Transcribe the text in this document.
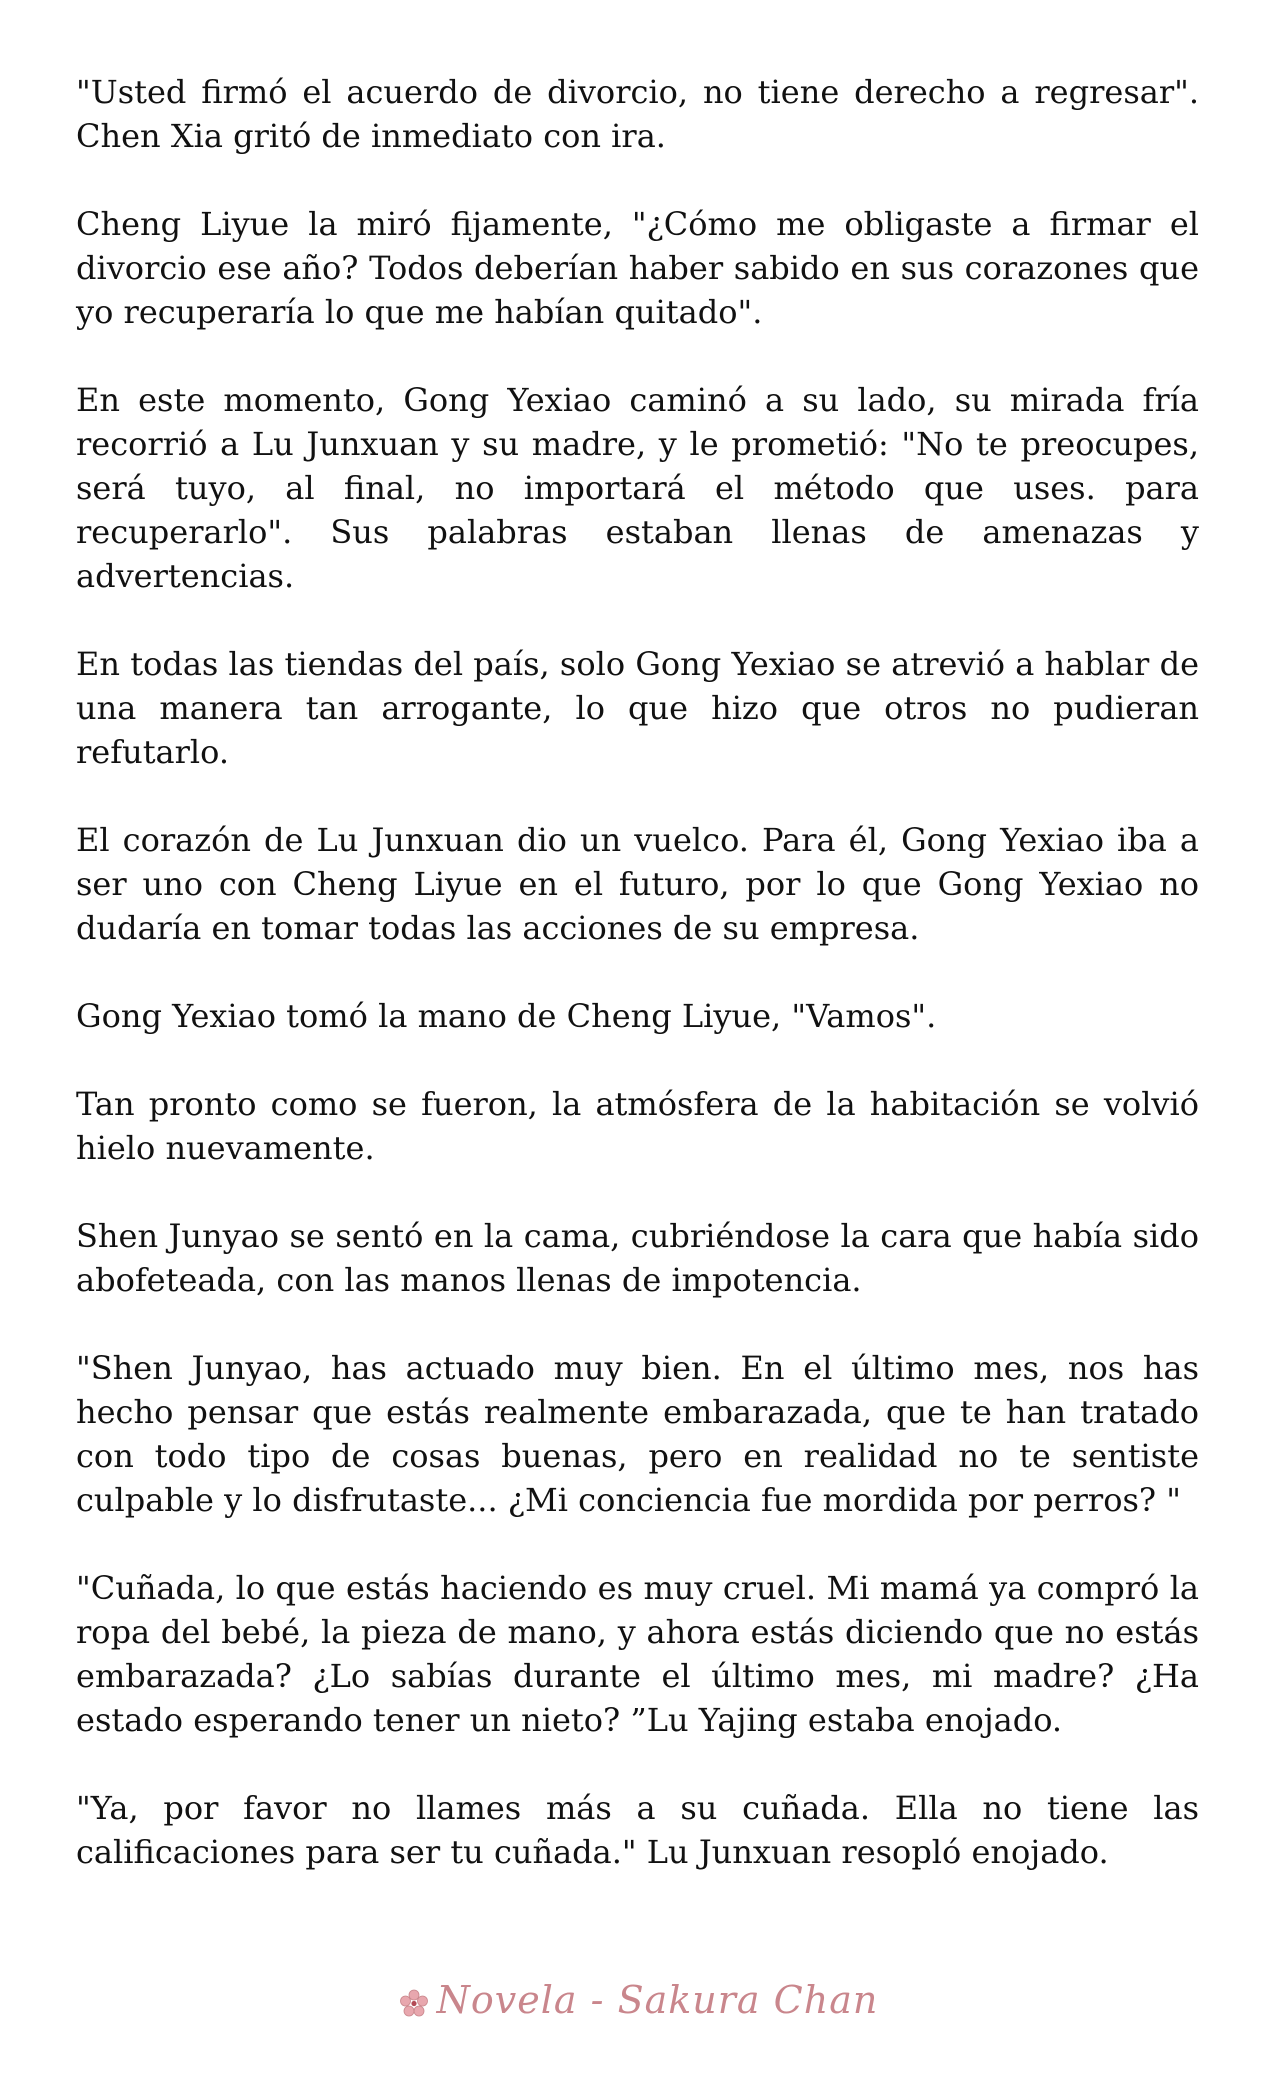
"Usted firmó el acuerdo de divorcio, no tiene derecho a regresar". Chen Xia gritó de inmediato con ira.

Cheng Liyue la miró fijamente, "¿Cómo me obligaste a firmar el divorcio ese año? Todos deberían haber sabido en sus corazones que yo recuperaría lo que me habían quitado".

En este momento, Gong Yexiao caminó a su lado, su mirada fría recorrió a Lu Junxuan y su madre, y le prometió: "No te preocupes, será tuyo, al final, no importará el método que uses. para recuperarlo". Sus palabras estaban llenas de amenazas y advertencias.

En todas las tiendas del país, solo Gong Yexiao se atrevió a hablar de una manera tan arrogante, lo que hizo que otros no pudieran refutarlo.

El corazón de Lu Junxuan dio un vuelco. Para él, Gong Yexiao iba a ser uno con Cheng Liyue en el futuro, por lo que Gong Yexiao no dudaría en tomar todas las acciones de su empresa.

Gong Yexiao tomó la mano de Cheng Liyue, "Vamos".

Tan pronto como se fueron, la atmósfera de la habitación se volvió hielo nuevamente.

Shen Junyao se sentó en la cama, cubriéndose la cara que había sido abofeteada, con las manos llenas de impotencia.

"Shen Junyao, has actuado muy bien. En el último mes, nos has hecho pensar que estás realmente embarazada, que te han tratado con todo tipo de cosas buenas, pero en realidad no te sentiste culpable y lo disfrutaste... ¿Mi conciencia fue mordida por perros? "

"Cuñada, lo que estás haciendo es muy cruel. Mi mamá ya compró la ropa del bebé, la pieza de mano, y ahora estás diciendo que no estás embarazada? ¿Lo sabías durante el último mes, mi madre? ¿Ha estado esperando tener un nieto? ”Lu Yajing estaba enojado.

"Ya, por favor no llames más a su cuñada. Ella no tiene las calificaciones para ser tu cuñada." Lu Junxuan resopló enojado.

Novela - Sakura Chan
